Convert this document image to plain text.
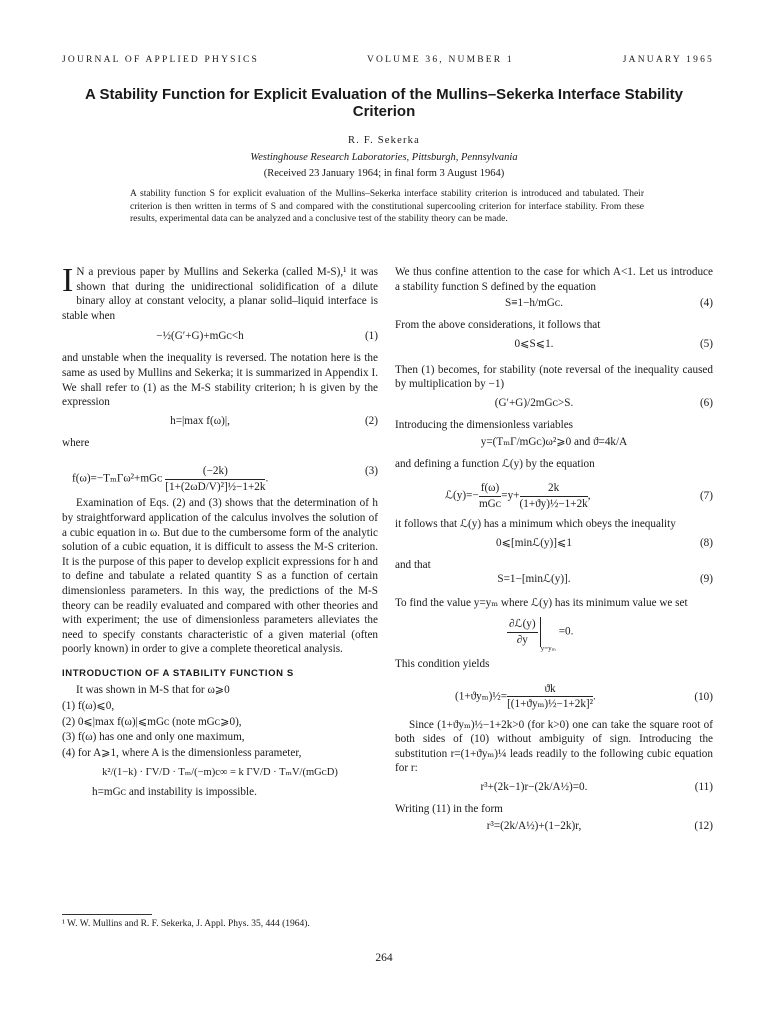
JOURNAL OF APPLIED PHYSICS	VOLUME 36, NUMBER 1	JANUARY 1965
A Stability Function for Explicit Evaluation of the Mullins–Sekerka Interface Stability Criterion
R. F. Sekerka
Westinghouse Research Laboratories, Pittsburgh, Pennsylvania
(Received 23 January 1964; in final form 3 August 1964)
A stability function S for explicit evaluation of the Mullins–Sekerka interface stability criterion is introduced and tabulated. Their criterion is then written in terms of S and compared with the constitutional supercooling criterion for interface stability. From these results, experimental data can be analyzed and a conclusive test of the stability theory can be made.

I N a previous paper by Mullins and Sekerka (called M-S),¹ it was shown that during the unidirectional solidification of a dilute binary alloy at constant velocity, a planar solid–liquid interface is stable when

−½(G′+G)+mGᴄ<h	(1)

and unstable when the inequality is reversed. The notation here is the same as used by Mullins and Sekerka; it is summarized in Appendix I. We shall refer to (1) as the M-S stability criterion; h is given by the expression

h=|max f(ω)|,	(2)

where

f(ω)=−TₘΓω²+mGᴄ $\frac{(-2k)}{\text{[1+(2ωD/V)²]½−1+2k}}$ .
(3)

Examination of Eqs. (2) and (3) shows that the determination of h by straightforward application of the calculus involves the solution of a cubic equation in ω. But due to the cumbersome form of the analytic solution of a cubic equation, it is difficult to assess the M-S criterion. It is the purpose of this paper to develop explicit expressions for h and to define and tabulate a related quantity S as a function of certain dimensionless parameters. In this way, the predictions of the M-S theory can be readily evaluated and compared with other theories and with experiment; the use of dimensionless parameters alleviates the need to specify constants characteristic of a given material (often poorly known) in order to give a complete theoretical analysis.

INTRODUCTION OF A STABILITY FUNCTION S

It was shown in M-S that for ω⩾0

(1) f(ω)⩽0,
(2) 0⩽|max f(ω)|⩽mGᴄ (note mGᴄ⩾0),
(3) f(ω) has one and only one maximum,
(4) for A⩾1, where A is the dimensionless parameter,
k²/(1−k) · ΓV/D · Tₘ/(−m)c∞ = k ΓV/D · TₘV/(mGᴄD)

h=mGᴄ and instability is impossible.

¹ W. W. Mullins and R. F. Sekerka, J. Appl. Phys. 35, 444 (1964).

We thus confine attention to the case for which A<1. Let us introduce a stability function S defined by the equation

S≡1−h/mGᴄ.	(4)

From the above considerations, it follows that

0⩽S⩽1.	(5)

Then (1) becomes, for stability (note reversal of the inequality caused by multiplication by −1)

(G′+G)/2mGᴄ>S.	(6)

Introducing the dimensionless variables

y=(TₘΓ/mGᴄ)ω²⩾0 and ϑ=4k/A

and defining a function ℒ(y) by the equation

ℒ(y)=− $\frac{f(\omega)}{\text{mGᴄ}} =y+ \frac{2k}{\text{(1+ϑy)½−1+2k}}$ ,	(7)

it follows that ℒ(y) has a minimum which obeys the inequality

0⩽[minℒ(y)]⩽1	(8)

and that

S=1−[minℒ(y)].	(9)

To find the value y=yₘ where ℒ(y) has its minimum value we set

$\frac{\text{∂ℒ(y)}}{\partial y}$
$_{y=y_m}$ =0.

This condition yields

(1+ϑyₘ)½= $\frac{ϑk}{\text{[(1+ϑyₘ)½−1+2k]²}}$ .	(10)

Since (1+ϑyₘ)½−1+2k>0 (for k>0) one can take the square root of both sides of (10) without ambiguity of sign. Introducing the substitution r=(1+ϑyₘ)¼ leads readily to the following cubic equation for r:

r³+(2k−1)r−(2k/A½)=0.	(11)

Writing (11) in the form

r³=(2k/A½)+(1−2k)r,	(12)
264
